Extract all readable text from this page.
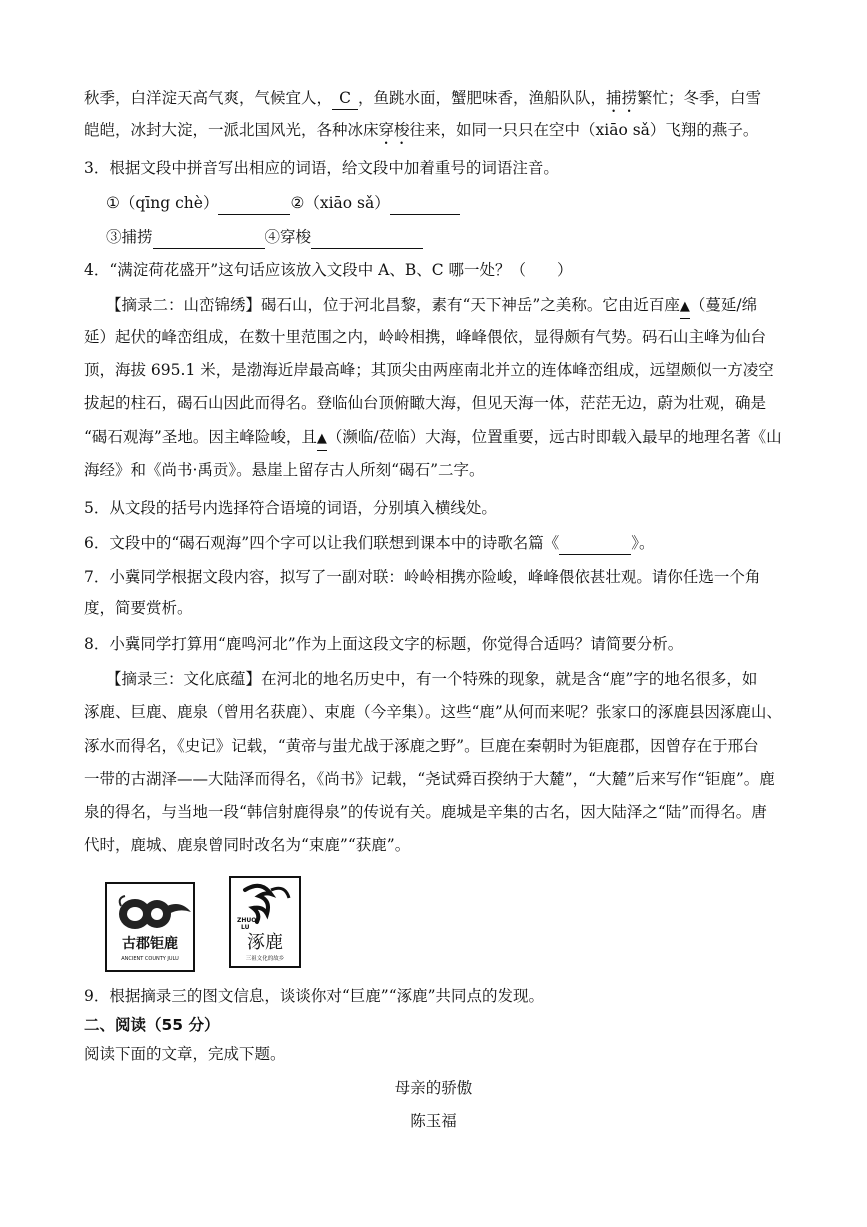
秋季，白洋淀天高气爽，气候宜人， C ，鱼跳水面，蟹肥味香，渔船队队，捕捞繁忙；冬季，白雪
皑皑，冰封大淀，一派北国风光，各种冰床穿梭往来，如同一只只在空中（xiāo sǎ）飞翔的燕子。
3．根据文段中拼音写出相应的词语，给文段中加着重号的词语注音。
①（qīng chè）	②（xiāo sǎ）
③捕捞	④穿梭
4．“满淀荷花盛开”这句话应该放入文段中 A、B、C 哪一处？（　　）
【摘录二：山峦锦绣】碣石山，位于河北昌黎，素有“天下神岳”之美称。它由近百座▲（蔓延/绵
延）起伏的峰峦组成，在数十里范围之内，岭岭相携，峰峰偎依，显得颇有气势。码石山主峰为仙台
顶，海拔 695.1 米，是渤海近岸最高峰；其顶尖由两座南北并立的连体峰峦组成，远望颇似一方凌空
拔起的柱石，碣石山因此而得名。登临仙台顶俯瞰大海，但见天海一体，茫茫无边，蔚为壮观，确是
“碣石观海”圣地。因主峰险峻，且▲（濒临/莅临）大海，位置重要，远古时即载入最早的地理名著《山
海经》和《尚书·禹贡》。悬崖上留存古人所刻“碣石”二字。
5．从文段的括号内选择符合语境的词语，分别填入横线处。
6．文段中的“碣石观海”四个字可以让我们联想到课本中的诗歌名篇《	》。
7．小冀同学根据文段内容，拟写了一副对联：岭岭相携亦险峻，峰峰偎依甚壮观。请你任选一个角
度，简要赏析。
8．小冀同学打算用“鹿鸣河北”作为上面这段文字的标题，你觉得合适吗？请简要分析。
【摘录三：文化底蕴】在河北的地名历史中，有一个特殊的现象，就是含“鹿”字的地名很多，如
涿鹿、巨鹿、鹿泉（曾用名获鹿）、束鹿（今辛集）。这些“鹿”从何而来呢？张家口的涿鹿县因涿鹿山、
涿水而得名，《史记》记载，“黄帝与蚩尤战于涿鹿之野”。巨鹿在秦朝时为钜鹿郡，因曾存在于邢台
一带的古湖泽——大陆泽而得名，《尚书》记载，“尧试舜百揆纳于大麓”，“大麓”后来写作“钜鹿”。鹿
泉的得名，与当地一段“韩信射鹿得泉”的传说有关。鹿城是辛集的古名，因大陆泽之“陆”而得名。唐
代时，鹿城、鹿泉曾同时改名为“束鹿”“获鹿”。
古郡钜鹿
ANCIENT COUNTY JULU
ZHUO
LU
涿鹿
三祖文化的故乡
9．根据摘录三的图文信息，谈谈你对“巨鹿”“涿鹿”共同点的发现。
二、阅读（55 分）
阅读下面的文章，完成下题。
母亲的骄傲
陈玉福
